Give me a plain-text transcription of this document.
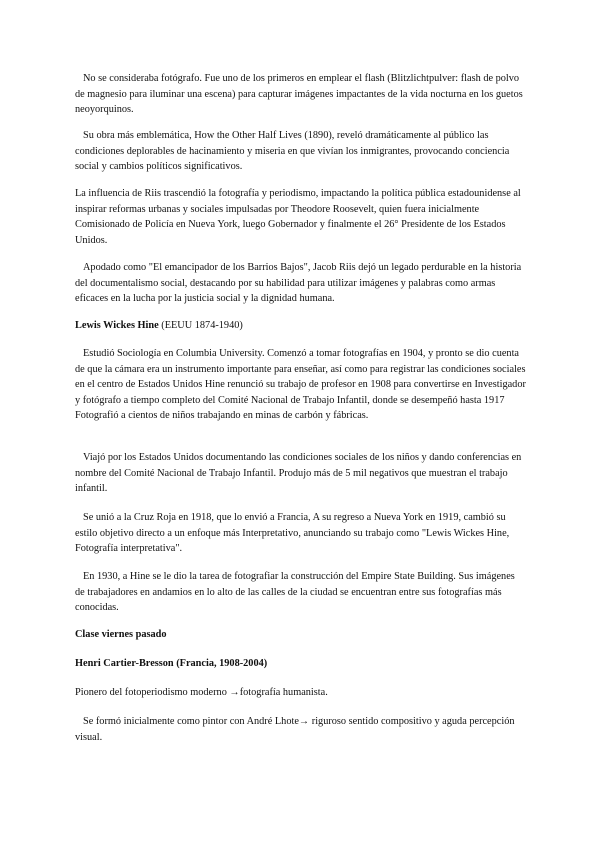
No se consideraba fotógrafo. Fue uno de los primeros en emplear el flash (Blitzlichtpulver: flash de polvo de magnesio para iluminar una escena) para capturar imágenes impactantes de la vida nocturna en los guetos neoyorquinos.

Su obra más emblemática, How the Other Half Lives (1890), reveló dramáticamente al público las condiciones deplorables de hacinamiento y miseria en que vivían los inmigrantes, provocando conciencia social y cambios políticos significativos.

La influencia de Riis trascendió la fotografía y periodismo, impactando la política pública estadounidense al inspirar reformas urbanas y sociales impulsadas por Theodore Roosevelt, quien fuera inicialmente Comisionado de Policía en Nueva York, luego Gobernador y finalmente el 26° Presidente de los Estados Unidos.

Apodado como "El emancipador de los Barrios Bajos", Jacob Riis dejó un legado perdurable en la historia del documentalismo social, destacando por su habilidad para utilizar imágenes y palabras como armas eficaces en la lucha por la justicia social y la dignidad humana.

Lewis Wickes Hine (EEUU 1874-1940)

Estudió Sociología en Columbia University. Comenzó a tomar fotografías en 1904, y pronto se dio cuenta de que la cámara era un instrumento importante para enseñar, así como para registrar las condiciones sociales en el centro de Estados Unidos Hine renunció su trabajo de profesor en 1908 para convertirse en Investigador y fotógrafo a tiempo completo del Comité Nacional de Trabajo Infantil, donde se desempeñó hasta 1917 Fotografió a cientos de niños trabajando en minas de carbón y fábricas.

Viajó por los Estados Unidos documentando las condiciones sociales de los niños y dando conferencias en nombre del Comité Nacional de Trabajo Infantil. Produjo más de 5 mil negativos que muestran el trabajo infantil.

Se unió a la Cruz Roja en 1918, que lo envió a Francia, A su regreso a Nueva York en 1919, cambió su estilo objetivo directo a un enfoque más Interpretativo, anunciando su trabajo como "Lewis Wickes Hine, Fotografía interpretativa".

En 1930, a Hine se le dio la tarea de fotografiar la construcción del Empire State Building. Sus imágenes de trabajadores en andamios en lo alto de las calles de la ciudad se encuentran entre sus fotografías más conocidas.

Clase viernes pasado

Henri Cartier-Bresson (Francia, 1908-2004)

Pionero del fotoperiodismo moderno →fotografía humanista.

Se formó inicialmente como pintor con André Lhote→ riguroso sentido compositivo y aguda percepción visual.
